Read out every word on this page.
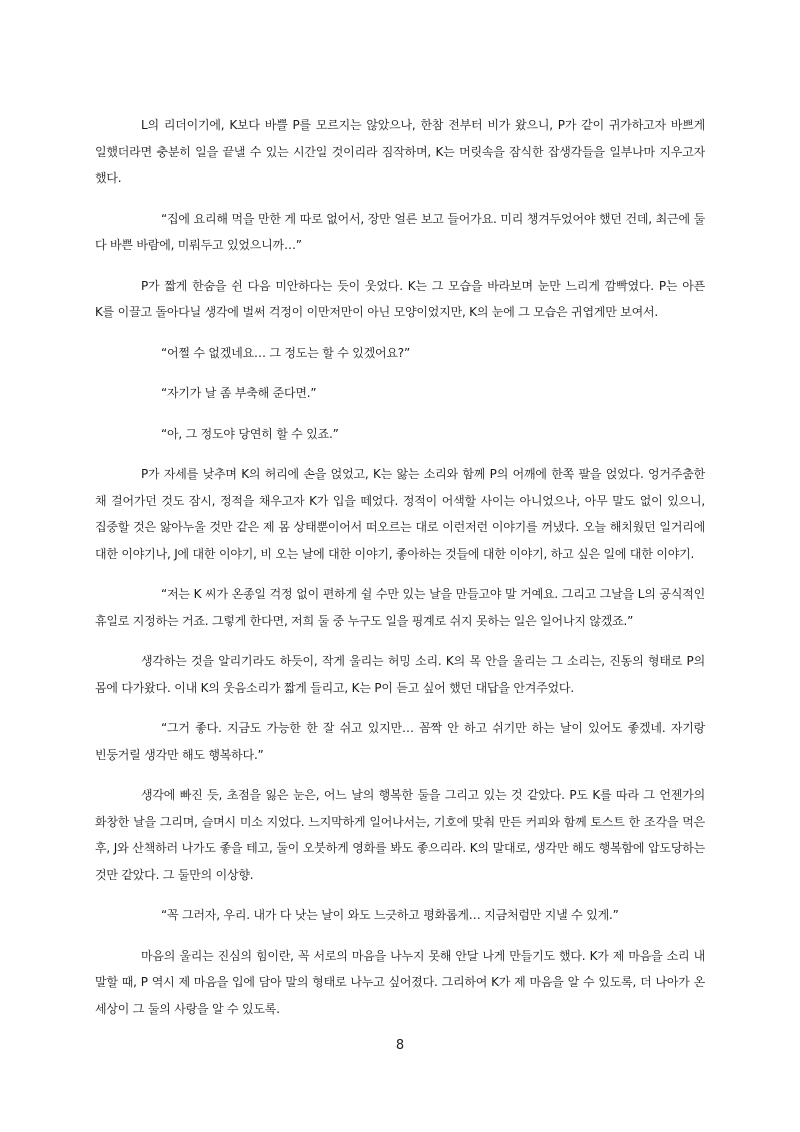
L의 리더이기에, K보다 바쁠 P를 모르지는 않았으나, 한참 전부터 비가 왔으니, P가 같이 귀가하고자 바쁘게 일했더라면 충분히 일을 끝낼 수 있는 시간일 것이리라 짐작하며, K는 머릿속을 잠식한 잡생각들을 일부나마 지우고자 했다.

“집에 요리해 먹을 만한 게 따로 없어서, 장만 얼른 보고 들어가요. 미리 챙겨두었어야 했던 건데, 최근에 둘 다 바쁜 바람에, 미뤄두고 있었으니까…”

P가 짧게 한숨을 쉰 다음 미안하다는 듯이 웃었다. K는 그 모습을 바라보며 눈만 느리게 깜빡였다. P는 아픈 K를 이끌고 돌아다닐 생각에 벌써 걱정이 이만저만이 아닌 모양이었지만, K의 눈에 그 모습은 귀엽게만 보여서.

“어쩔 수 없겠네요… 그 정도는 할 수 있겠어요?”

“자기가 날 좀 부축해 준다면.”

“아, 그 정도야 당연히 할 수 있죠.”

P가 자세를 낮추며 K의 허리에 손을 얹었고, K는 앓는 소리와 함께 P의 어깨에 한쪽 팔을 얹었다. 엉거주춤한 채 걸어가던 것도 잠시, 정적을 채우고자 K가 입을 떼었다. 정적이 어색할 사이는 아니었으나, 아무 말도 없이 있으니, 집중할 것은 앓아누울 것만 같은 제 몸 상태뿐이어서 떠오르는 대로 이런저런 이야기를 꺼냈다. 오늘 해치웠던 일거리에 대한 이야기나, J에 대한 이야기, 비 오는 날에 대한 이야기, 좋아하는 것들에 대한 이야기, 하고 싶은 일에 대한 이야기.

“저는 K 씨가 온종일 걱정 없이 편하게 쉴 수만 있는 날을 만들고야 말 거예요. 그리고 그날을 L의 공식적인 휴일로 지정하는 거죠. 그렇게 한다면, 저희 둘 중 누구도 일을 핑계로 쉬지 못하는 일은 일어나지 않겠죠.”

생각하는 것을 알리기라도 하듯이, 작게 울리는 허밍 소리. K의 목 안을 울리는 그 소리는, 진동의 형태로 P의 몸에 다가왔다. 이내 K의 웃음소리가 짧게 들리고, K는 P이 듣고 싶어 했던 대답을 안겨주었다.

“그거 좋다. 지금도 가능한 한 잘 쉬고 있지만… 꼼짝 안 하고 쉬기만 하는 날이 있어도 좋겠네. 자기랑 빈둥거릴 생각만 해도 행복하다.”

생각에 빠진 듯, 초점을 잃은 눈은, 어느 날의 행복한 둘을 그리고 있는 것 같았다. P도 K를 따라 그 언젠가의 화창한 날을 그리며, 슬며시 미소 지었다. 느지막하게 일어나서는, 기호에 맞춰 만든 커피와 함께 토스트 한 조각을 먹은 후, J와 산책하러 나가도 좋을 테고, 둘이 오붓하게 영화를 봐도 좋으리라. K의 말대로, 생각만 해도 행복함에 압도당하는 것만 같았다. 그 둘만의 이상향.

“꼭 그러자, 우리. 내가 다 낫는 날이 와도 느긋하고 평화롭게… 지금처럼만 지낼 수 있게.”

마음의 울리는 진심의 힘이란, 꼭 서로의 마음을 나누지 못해 안달 나게 만들기도 했다. K가 제 마음을 소리 내 말할 때, P 역시 제 마음을 입에 담아 말의 형태로 나누고 싶어졌다. 그리하여 K가 제 마음을 알 수 있도록, 더 나아가 온 세상이 그 둘의 사랑을 알 수 있도록.

8
